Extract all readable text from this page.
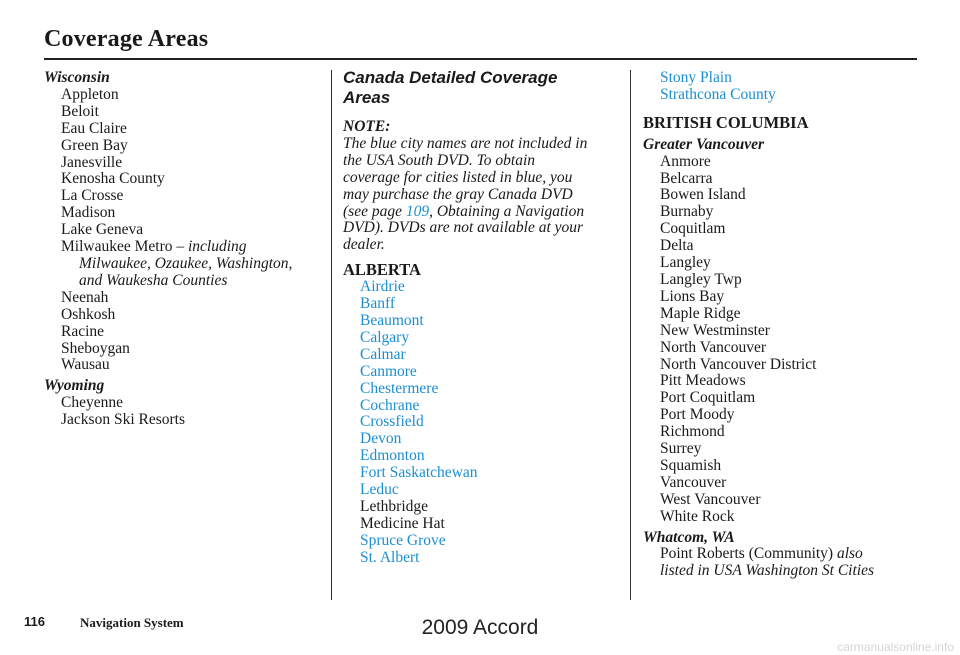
Coverage Areas
Wisconsin
Appleton
Beloit
Eau Claire
Green Bay
Janesville
Kenosha County
La Crosse
Madison
Lake Geneva
Milwaukee Metro – including
Milwaukee, Ozaukee, Washington,
and Waukesha Counties
Neenah
Oshkosh
Racine
Sheboygan
Wausau
Wyoming
Cheyenne
Jackson Ski Resorts
Canada Detailed Coverage
Areas
NOTE:
The blue city names are not included in
the USA South DVD. To obtain
coverage for cities listed in blue, you
may purchase the gray Canada DVD
(see page 109, Obtaining a Navigation
DVD). DVDs are not available at your
dealer.
ALBERTA
Airdrie
Banff
Beaumont
Calgary
Calmar
Canmore
Chestermere
Cochrane
Crossfield
Devon
Edmonton
Fort Saskatchewan
Leduc
Lethbridge
Medicine Hat
Spruce Grove
St. Albert
Stony Plain
Strathcona County
BRITISH COLUMBIA
Greater Vancouver
Anmore
Belcarra
Bowen Island
Burnaby
Coquitlam
Delta
Langley
Langley Twp
Lions Bay
Maple Ridge
New Westminster
North Vancouver
North Vancouver District
Pitt Meadows
Port Coquitlam
Port Moody
Richmond
Surrey
Squamish
Vancouver
West Vancouver
White Rock
Whatcom, WA
Point Roberts (Community) also
listed in USA Washington St Cities
116	Navigation System	2009 Accord
carmanualsonline.info
